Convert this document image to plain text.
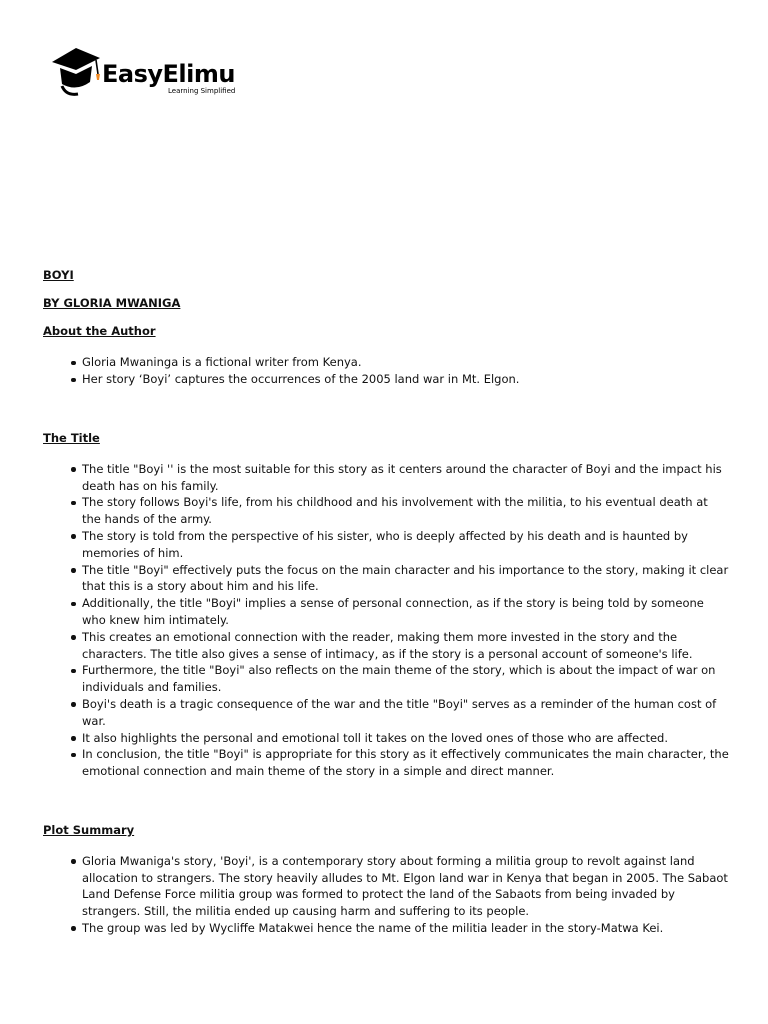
EasyElimu
Learning Simplified

BOYI

BY GLORIA MWANIGA

About the Author

Gloria Mwaninga is a fictional writer from Kenya.
Her story ‘Boyi’ captures the occurrences of the 2005 land war in Mt. Elgon.

The Title

The title "Boyi '' is the most suitable for this story as it centers around the character of Boyi and the impact his death has on his family.
The story follows Boyi's life, from his childhood and his involvement with the militia, to his eventual death at the hands of the army.
The story is told from the perspective of his sister, who is deeply affected by his death and is haunted by memories of him.
The title "Boyi" effectively puts the focus on the main character and his importance to the story, making it clear that this is a story about him and his life.
Additionally, the title "Boyi" implies a sense of personal connection, as if the story is being told by someone who knew him intimately.
This creates an emotional connection with the reader, making them more invested in the story and the characters. The title also gives a sense of intimacy, as if the story is a personal account of someone's life.
Furthermore, the title "Boyi" also reflects on the main theme of the story, which is about the impact of war on individuals and families.
Boyi's death is a tragic consequence of the war and the title "Boyi" serves as a reminder of the human cost of war.
It also highlights the personal and emotional toll it takes on the loved ones of those who are affected.
In conclusion, the title "Boyi" is appropriate for this story as it effectively communicates the main character, the emotional connection and main theme of the story in a simple and direct manner.

Plot Summary

Gloria Mwaniga's story, 'Boyi', is a contemporary story about forming a militia group to revolt against land allocation to strangers. The story heavily alludes to Mt. Elgon land war in Kenya that began in 2005. The Sabaot Land Defense Force militia group was formed to protect the land of the Sabaots from being invaded by strangers. Still, the militia ended up causing harm and suffering to its people.
The group was led by Wycliffe Matakwei hence the name of the militia leader in the story-Matwa Kei.
